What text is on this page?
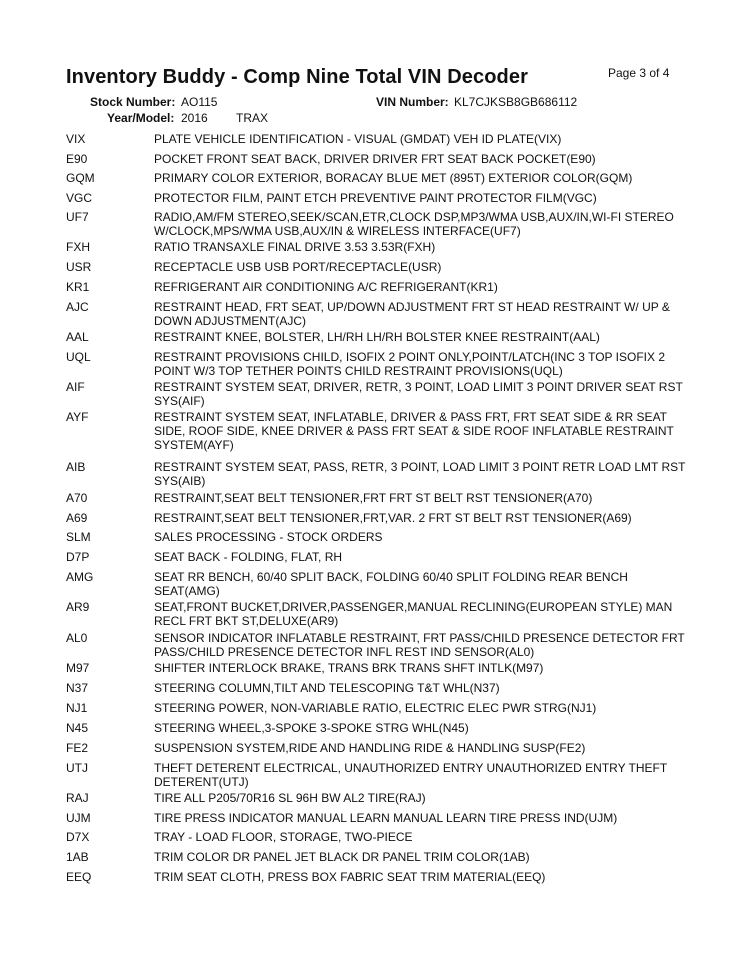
Inventory Buddy - Comp Nine Total VIN Decoder	Page 3 of 4
Stock Number: AO115	VIN Number: KL7CJKSB8GB686112
Year/Model: 2016 TRAX
VIX	PLATE VEHICLE IDENTIFICATION - VISUAL (GMDAT) VEH ID PLATE(VIX)
E90	POCKET FRONT SEAT BACK, DRIVER DRIVER FRT SEAT BACK POCKET(E90)
GQM	PRIMARY COLOR EXTERIOR, BORACAY BLUE MET (895T) EXTERIOR COLOR(GQM)
VGC	PROTECTOR FILM, PAINT ETCH PREVENTIVE PAINT PROTECTOR FILM(VGC)
UF7	RADIO,AM/FM STEREO,SEEK/SCAN,ETR,CLOCK DSP,MP3/WMA USB,AUX/IN,WI-FI STEREO W/CLOCK,MPS/WMA USB,AUX/IN & WIRELESS INTERFACE(UF7)
FXH	RATIO TRANSAXLE FINAL DRIVE 3.53 3.53R(FXH)
USR	RECEPTACLE USB USB PORT/RECEPTACLE(USR)
KR1	REFRIGERANT AIR CONDITIONING A/C REFRIGERANT(KR1)
AJC	RESTRAINT HEAD, FRT SEAT, UP/DOWN ADJUSTMENT FRT ST HEAD RESTRAINT W/ UP & DOWN ADJUSTMENT(AJC)
AAL	RESTRAINT KNEE, BOLSTER, LH/RH LH/RH BOLSTER KNEE RESTRAINT(AAL)
UQL	RESTRAINT PROVISIONS CHILD, ISOFIX 2 POINT ONLY,POINT/LATCH(INC 3 TOP ISOFIX 2 POINT W/3 TOP TETHER POINTS CHILD RESTRAINT PROVISIONS(UQL)
AIF	RESTRAINT SYSTEM SEAT, DRIVER, RETR, 3 POINT, LOAD LIMIT 3 POINT DRIVER SEAT RST SYS(AIF)
AYF	RESTRAINT SYSTEM SEAT, INFLATABLE, DRIVER & PASS FRT, FRT SEAT SIDE & RR SEAT SIDE, ROOF SIDE, KNEE DRIVER & PASS FRT SEAT & SIDE ROOF INFLATABLE RESTRAINT SYSTEM(AYF)
AIB	RESTRAINT SYSTEM SEAT, PASS, RETR, 3 POINT, LOAD LIMIT 3 POINT RETR LOAD LMT RST SYS(AIB)
A70	RESTRAINT,SEAT BELT TENSIONER,FRT FRT ST BELT RST TENSIONER(A70)
A69	RESTRAINT,SEAT BELT TENSIONER,FRT,VAR. 2 FRT ST BELT RST TENSIONER(A69)
SLM	SALES PROCESSING - STOCK ORDERS
D7P	SEAT BACK - FOLDING, FLAT, RH
AMG	SEAT RR BENCH, 60/40 SPLIT BACK, FOLDING 60/40 SPLIT FOLDING REAR BENCH SEAT(AMG)
AR9	SEAT,FRONT BUCKET,DRIVER,PASSENGER,MANUAL RECLINING(EUROPEAN STYLE) MAN RECL FRT BKT ST,DELUXE(AR9)
AL0	SENSOR INDICATOR INFLATABLE RESTRAINT, FRT PASS/CHILD PRESENCE DETECTOR FRT PASS/CHILD PRESENCE DETECTOR INFL REST IND SENSOR(AL0)
M97	SHIFTER INTERLOCK BRAKE, TRANS BRK TRANS SHFT INTLK(M97)
N37	STEERING COLUMN,TILT AND TELESCOPING T&T WHL(N37)
NJ1	STEERING POWER, NON-VARIABLE RATIO, ELECTRIC ELEC PWR STRG(NJ1)
N45	STEERING WHEEL,3-SPOKE 3-SPOKE STRG WHL(N45)
FE2	SUSPENSION SYSTEM,RIDE AND HANDLING RIDE & HANDLING SUSP(FE2)
UTJ	THEFT DETERENT ELECTRICAL, UNAUTHORIZED ENTRY UNAUTHORIZED ENTRY THEFT DETERENT(UTJ)
RAJ	TIRE ALL P205/70R16 SL 96H BW AL2 TIRE(RAJ)
UJM	TIRE PRESS INDICATOR MANUAL LEARN MANUAL LEARN TIRE PRESS IND(UJM)
D7X	TRAY - LOAD FLOOR, STORAGE, TWO-PIECE
1AB	TRIM COLOR DR PANEL JET BLACK DR PANEL TRIM COLOR(1AB)
EEQ	TRIM SEAT CLOTH, PRESS BOX FABRIC SEAT TRIM MATERIAL(EEQ)
